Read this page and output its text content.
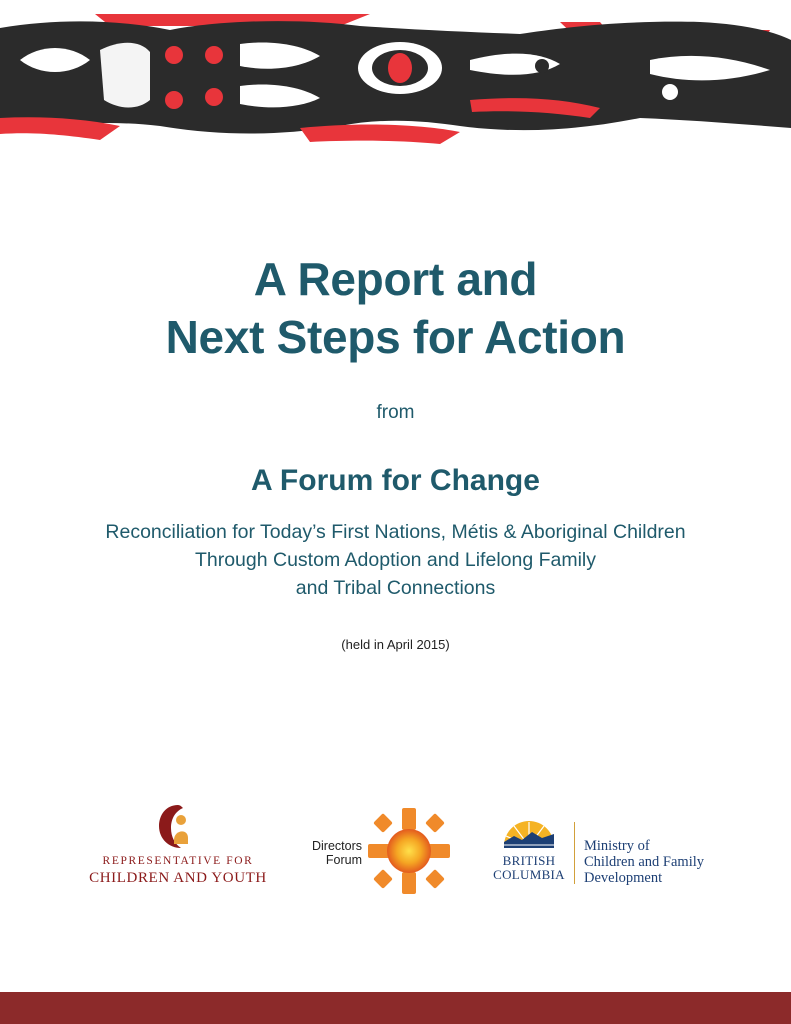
A Report and
Next Steps for Action
from
A Forum for Change
Reconciliation for Today’s First Nations, Métis & Aboriginal Children
Through Custom Adoption and Lifelong Family
and Tribal Connections
(held in April 2015)
REPRESENTATIVE FOR
CHILDREN AND YOUTH
Directors
Forum	BRITISH
COLUMBIA
Ministry of
Children and Family
Development
